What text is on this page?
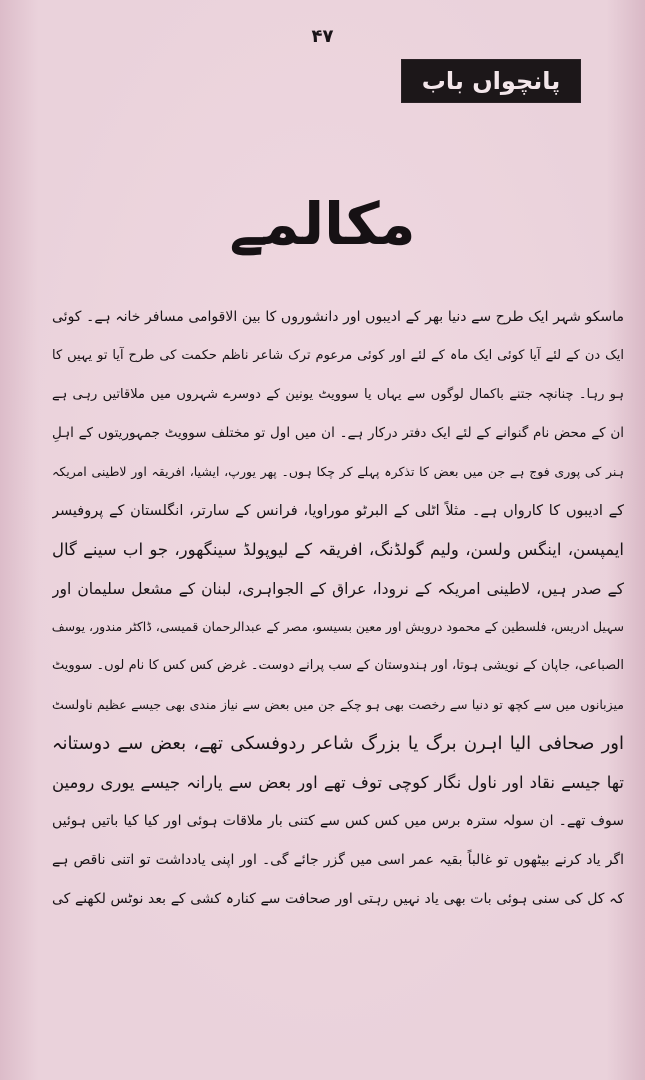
۴۷
پانچواں باب
مکالمے
ماسکو شہر ایک طرح سے دنیا بھر کے ادیبوں اور دانشوروں کا بین الاقوامی مسافر خانہ ہے۔ کوئی
ایک دن کے لئے آیا کوئی ایک ماہ کے لئے اور کوئی مرعوم ترک شاعر ناظم حکمت کی طرح آیا تو یہیں کا
ہو رہا۔ چنانچہ جتنے باکمال لوگوں سے یہاں یا سوویٹ یونین کے دوسرے شہروں میں ملاقاتیں رہی ہے
ان کے محض نام گنوانے کے لئے ایک دفتر درکار ہے۔ ان میں اول تو مختلف سوویٹ جمہوریتوں کے اہلِ
ہنر کی پوری فوج ہے جن میں بعض کا تذکرہ پہلے کر چکا ہوں۔ پھر یورپ، ایشیا، افریقہ اور لاطینی امریکہ
کے ادیبوں کا کارواں ہے۔ مثلاً اٹلی کے البرٹو موراویا، فرانس کے سارتر، انگلستان کے پروفیسر
ایمپسن، اینگس ولسن، ولیم گولڈنگ، افریقہ کے لیوپولڈ سینگھور، جو اب سینے گال
کے صدر ہیں، لاطینی امریکہ کے نرودا، عراق کے الجواہری، لبنان کے مشعل سلیمان اور
سہیل ادریس، فلسطین کے محمود درویش اور معین بسیسو، مصر کے عبدالرحمان قمیسی، ڈاکٹر مندور، یوسف
الصباعی، جاپان کے نویشی ہوتا، اور ہندوستان کے سب پرانے دوست۔ غرض کس کس کا نام لوں۔ سوویٹ
میزبانوں میں سے کچھ تو دنیا سے رخصت بھی ہو چکے جن میں بعض سے نیاز مندی بھی جیسے عظیم ناولسٹ
اور صحافی الیا اہرن برگ یا بزرگ شاعر ردوفسکی تھے، بعض سے دوستانہ
تھا جیسے نقاد اور ناول نگار کوچی توف تھے اور بعض سے یارانہ جیسے یوری رومین
سوف تھے۔ ان سولہ سترہ برس میں کس کس سے کتنی بار ملاقات ہوئی اور کیا کیا باتیں ہوئیں
اگر یاد کرنے بیٹھوں تو غالباً بقیہ عمر اسی میں گزر جائے گی۔ اور اپنی یادداشت تو اتنی ناقص ہے
کہ کل کی سنی ہوئی بات بھی یاد نہیں رہتی اور صحافت سے کنارہ کشی کے بعد نوٹس لکھنے کی
